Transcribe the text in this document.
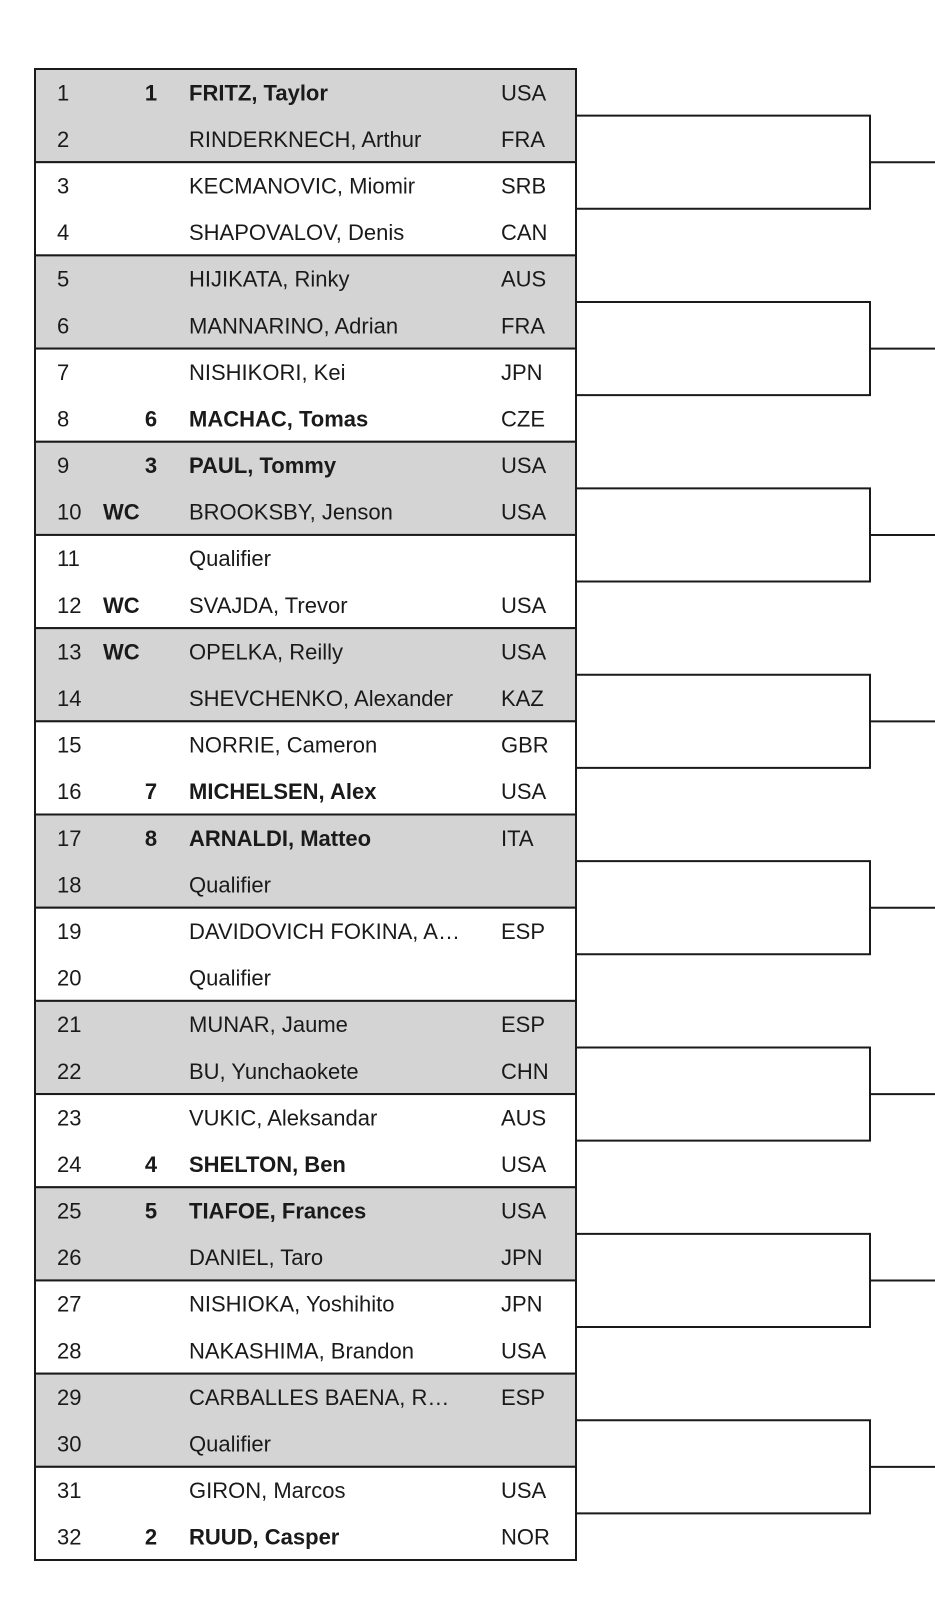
1	1 FRITZ, Taylor	USA
2	RINDERKNECH, Arthur	FRA
3	KECMANOVIC, Miomir	SRB
4	SHAPOVALOV, Denis	CAN
5	HIJIKATA, Rinky	AUS
6	MANNARINO, Adrian	FRA
7	NISHIKORI, Kei	JPN
8	6 MACHAC, Tomas	CZE
9	3 PAUL, Tommy	USA
10 WC BROOKSBY, Jenson	USA
11	Qualifier
12 WC SVAJDA, Trevor	USA
13 WC OPELKA, Reilly	USA
14	SHEVCHENKO, Alexander KAZ
15	NORRIE, Cameron	GBR
16	7 MICHELSEN, Alex	USA
17	8 ARNALDI, Matteo	ITA
18	Qualifier
19	DAVIDOVICH FOKINA, A… ESP
20	Qualifier
21	MUNAR, Jaume	ESP
22	BU, Yunchaokete	CHN
23	VUKIC, Aleksandar	AUS
24	4 SHELTON, Ben	USA
25	5 TIAFOE, Frances	USA
26	DANIEL, Taro	JPN
27	NISHIOKA, Yoshihito	JPN
28	NAKASHIMA, Brandon	USA
29	CARBALLES BAENA, R… ESP
30	Qualifier
31	GIRON, Marcos	USA
32	2 RUUD, Casper	NOR
